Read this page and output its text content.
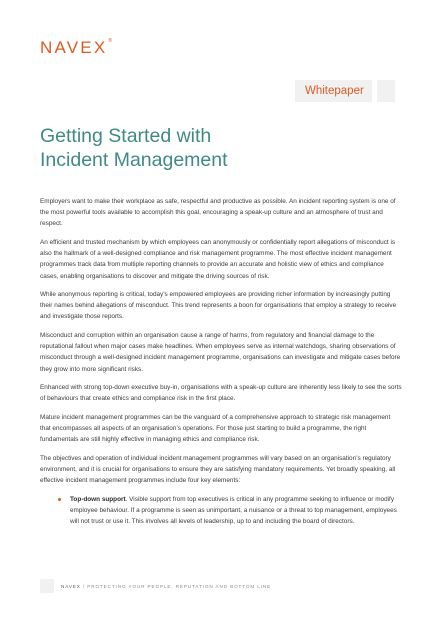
NAVEX®
Whitepaper
Getting Started with
Incident Management

Employers want to make their workplace as safe, respectful and productive as possible. An incident reporting system is one of the most powerful tools available to accomplish this goal, encouraging a speak-up culture and an atmosphere of trust and respect.

An efficient and trusted mechanism by which employees can anonymously or confidentially report allegations of misconduct is also the hallmark of a well-designed compliance and risk management programme. The most effective incident management programmes track data from multiple reporting channels to provide an accurate and holistic view of ethics and compliance cases, enabling organisations to discover and mitigate the driving sources of risk.

While anonymous reporting is critical, today’s empowered employees are providing richer information by increasingly putting their names behind allegations of misconduct. This trend represents a boon for organisations that employ a strategy to receive and investigate those reports.

Misconduct and corruption within an organisation cause a range of harms, from regulatory and financial damage to the reputational fallout when major cases make headlines. When employees serve as internal watchdogs, sharing observations of misconduct through a well-designed incident management programme, organisations can investigate and mitigate cases before they grow into more significant risks.

Enhanced with strong top-down executive buy-in, organisations with a speak-up culture are inherently less likely to see the sorts of behaviours that create ethics and compliance risk in the first place.

Mature incident management programmes can be the vanguard of a comprehensive approach to strategic risk management that encompasses all aspects of an organisation’s operations. For those just starting to build a programme, the right fundamentals are still highly effective in managing ethics and compliance risk.

The objectives and operation of individual incident management programmes will vary based on an organisation’s regulatory environment, and it is crucial for organisations to ensure they are satisfying mandatory requirements. Yet broadly speaking, all effective incident management programmes include four key elements:

Top-down support. Visible support from top executives is critical in any programme seeking to influence or modify employee behaviour. If a programme is seen as unimportant, a nuisance or a threat to top management, employees will not trust or use it. This involves all levels of leadership, up to and including the board of directors.
NAVEX / PROTECTING YOUR PEOPLE, REPUTATION AND BOTTOM LINE
